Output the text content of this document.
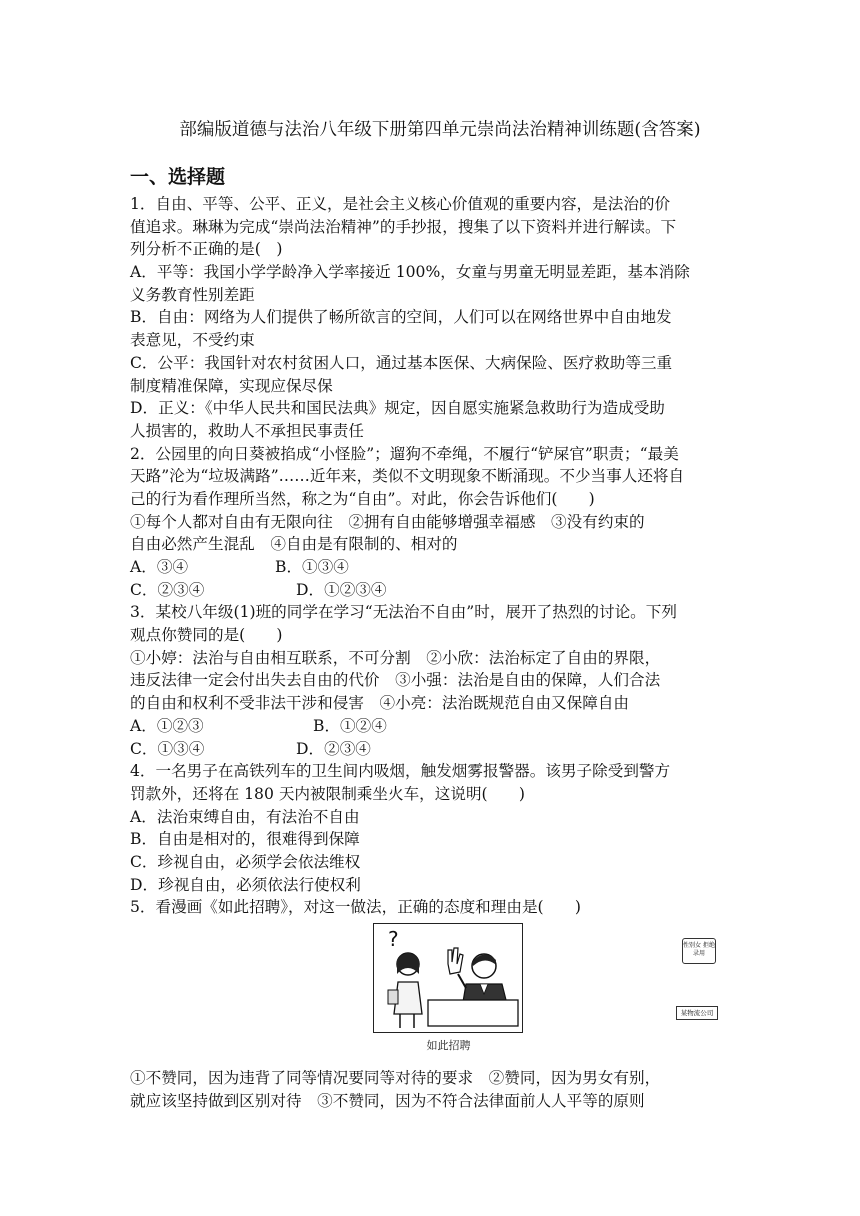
部编版道德与法治八年级下册第四单元崇尚法治精神训练题(含答案)
一、选择题
1．自由、平等、公平、正义，是社会主义核心价值观的重要内容，是法治的价
值追求。琳琳为完成“崇尚法治精神”的手抄报，搜集了以下资料并进行解读。下
列分析不正确的是(　)
A．平等：我国小学学龄净入学率接近 100%，女童与男童无明显差距，基本消除
义务教育性别差距
B．自由：网络为人们提供了畅所欲言的空间，人们可以在网络世界中自由地发
表意见，不受约束
C．公平：我国针对农村贫困人口，通过基本医保、大病保险、医疗救助等三重
制度精准保障，实现应保尽保
D．正义：《中华人民共和国民法典》规定，因自愿实施紧急救助行为造成受助
人损害的，救助人不承担民事责任
2．公园里的向日葵被掐成“小怪脸”；遛狗不牵绳，不履行“铲屎官”职责；“最美
天路”沦为“垃圾满路”……近年来，类似不文明现象不断涌现。不少当事人还将自
己的行为看作理所当然，称之为“自由”。对此，你会告诉他们(　　)
①每个人都对自由有无限向往　②拥有自由能够增强幸福感　③没有约束的
自由必然产生混乱　④自由是有限制的、相对的
A．③④	B．①③④
C．②③④	D．①②③④
3．某校八年级(1)班的同学在学习“无法治不自由”时，展开了热烈的讨论。下列
观点你赞同的是(　　)
①小婷：法治与自由相互联系，不可分割　②小欣：法治标定了自由的界限，
违反法律一定会付出失去自由的代价　③小强：法治是自由的保障，人们合法
的自由和权利不受非法干涉和侵害　④小亮：法治既规范自由又保障自由
A．①②③	B．①②④
C．①③④	D．②③④
4．一名男子在高铁列车的卫生间内吸烟，触发烟雾报警器。该男子除受到警方
罚款外，还将在 180 天内被限制乘坐火车，这说明(　　)
A．法治束缚自由，有法治不自由
B．自由是相对的，很难得到保障
C．珍视自由，必须学会依法维权
D．珍视自由，必须依法行使权利
5．看漫画《如此招聘》，对这一做法，正确的态度和理由是(　　)
?	性别女 拒绝录用
某物流公司
如此招聘
①不赞同，因为违背了同等情况要同等对待的要求　②赞同，因为男女有别，
就应该坚持做到区别对待　③不赞同，因为不符合法律面前人人平等的原则
